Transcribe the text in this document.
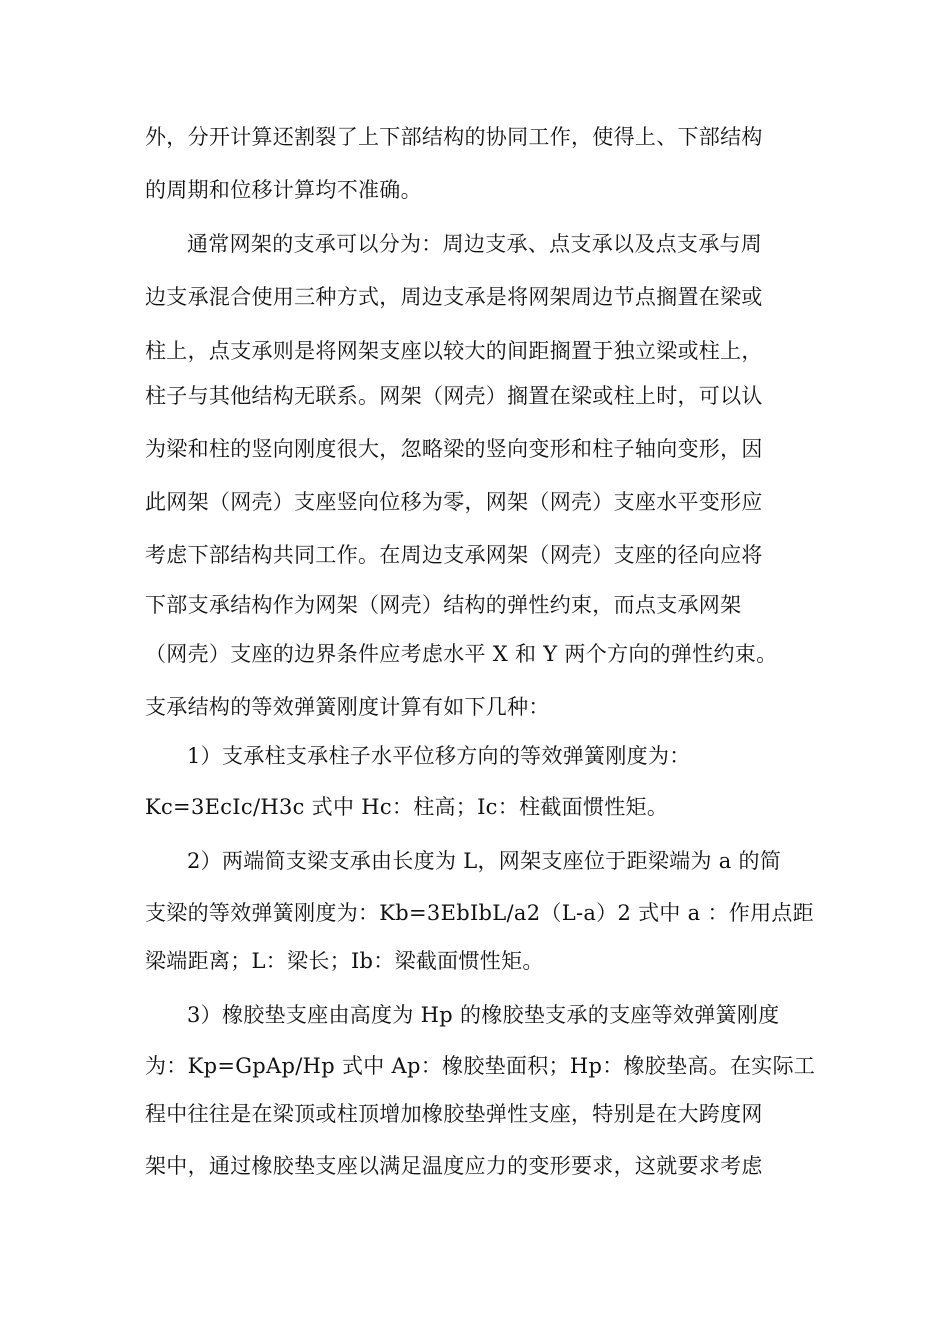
外，分开计算还割裂了上下部结构的协同工作，使得上、下部结构
的周期和位移计算均不准确。
通常网架的支承可以分为：周边支承、点支承以及点支承与周
边支承混合使用三种方式，周边支承是将网架周边节点搁置在梁或
柱上，点支承则是将网架支座以较大的间距搁置于独立梁或柱上，
柱子与其他结构无联系。网架（网壳）搁置在梁或柱上时，可以认
为梁和柱的竖向刚度很大，忽略梁的竖向变形和柱子轴向变形，因
此网架（网壳）支座竖向位移为零，网架（网壳）支座水平变形应
考虑下部结构共同工作。在周边支承网架（网壳）支座的径向应将
下部支承结构作为网架（网壳）结构的弹性约束，而点支承网架
（网壳）支座的边界条件应考虑水平 X 和 Y 两个方向的弹性约束。
支承结构的等效弹簧刚度计算有如下几种：
1）支承柱支承柱子水平位移方向的等效弹簧刚度为：
Kc=3EcIc/H3c 式中 Hc：柱高；Ic：柱截面惯性矩。
2）两端简支梁支承由长度为 L，网架支座位于距梁端为 a 的简
支梁的等效弹簧刚度为：Kb=3EbIbL/a2（L-a）2 式中 a ：作用点距
梁端距离；L：梁长；Ib：梁截面惯性矩。
3）橡胶垫支座由高度为 Hp 的橡胶垫支承的支座等效弹簧刚度
为：Kp=GpAp/Hp 式中 Ap：橡胶垫面积；Hp：橡胶垫高。在实际工
程中往往是在梁顶或柱顶增加橡胶垫弹性支座，特别是在大跨度网
架中，通过橡胶垫支座以满足温度应力的变形要求，这就要求考虑
